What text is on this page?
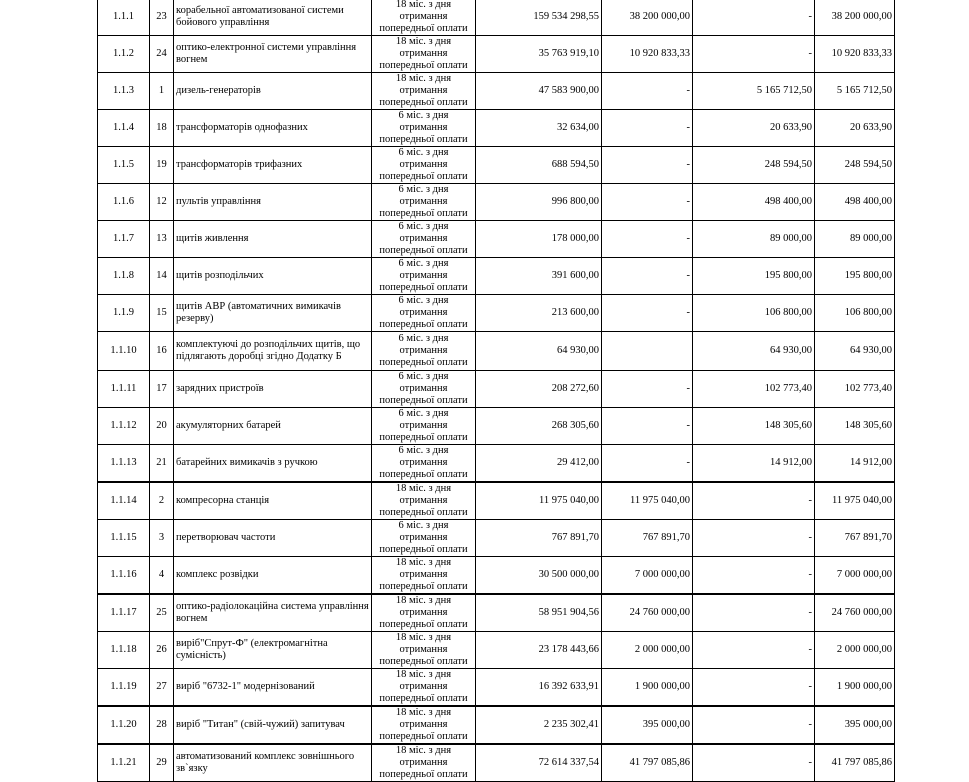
1.1.1	23	корабельної автоматизованої системи бойового управління	18 міс. з дня отримання попередньої оплати	159 534 298,55	38 200 000,00	-	38 200 000,00
1.1.2	24	оптико-електронної системи управління вогнем	18 міс. з дня отримання попередньої оплати	35 763 919,10	10 920 833,33	-	10 920 833,33
1.1.3	1	дизель-генераторів	18 міс. з дня отримання попередньої оплати	47 583 900,00	-	5 165 712,50	5 165 712,50
1.1.4	18	трансформаторів однофазних	6 міс. з дня отримання попередньої оплати	32 634,00	-	20 633,90	20 633,90
1.1.5	19	трансформаторів трифазних	6 міс. з дня отримання попередньої оплати	688 594,50	-	248 594,50	248 594,50
1.1.6	12	пультів управління	6 міс. з дня отримання попередньої оплати	996 800,00	-	498 400,00	498 400,00
1.1.7	13	щитів живлення	6 міс. з дня отримання попередньої оплати	178 000,00	-	89 000,00	89 000,00
1.1.8	14	щитів розподільчих	6 міс. з дня отримання попередньої оплати	391 600,00	-	195 800,00	195 800,00
1.1.9	15	щитів АВР (автоматичних вимикачів резерву)	6 міс. з дня отримання попередньої оплати	213 600,00	-	106 800,00	106 800,00
1.1.10	16	комплектуючі до розподільчих щитів, що підлягають доробці згідно Додатку Б	6 міс. з дня отримання попередньої оплати	64 930,00		64 930,00	64 930,00
1.1.11	17	зарядних пристроїв	6 міс. з дня отримання попередньої оплати	208 272,60	-	102 773,40	102 773,40
1.1.12	20	акумуляторних батарей	6 міс. з дня отримання попередньої оплати	268 305,60	-	148 305,60	148 305,60
1.1.13	21	батарейних вимикачів з ручкою	6 міс. з дня отримання попередньої оплати	29 412,00	-	14 912,00	14 912,00
1.1.14	2	компресорна станція	18 міс. з дня отримання попередньої оплати	11 975 040,00	11 975 040,00	-	11 975 040,00
1.1.15	3	перетворювач частоти	6 міс. з дня отримання попередньої оплати	767 891,70	767 891,70	-	767 891,70
1.1.16	4	комплекс розвідки	18 міс. з дня отримання попередньої оплати	30 500 000,00	7 000 000,00	-	7 000 000,00
1.1.17	25	оптико-радіолокаційна система управління вогнем	18 міс. з дня отримання попередньої оплати	58 951 904,56	24 760 000,00	-	24 760 000,00
1.1.18	26	виріб"Спрут-Ф" (електромагнітна сумісність)	18 міс. з дня отримання попередньої оплати	23 178 443,66	2 000 000,00	-	2 000 000,00
1.1.19	27	виріб "6732-1" модернізований	18 міс. з дня отримання попередньої оплати	16 392 633,91	1 900 000,00	-	1 900 000,00
1.1.20	28	виріб "Титан" (свій-чужий) запитувач	18 міс. з дня отримання попередньої оплати	2 235 302,41	395 000,00	-	395 000,00
1.1.21	29	автоматизований комплекс зовнішнього зв`язку	18 міс. з дня отримання попередньої оплати	72 614 337,54	41 797 085,86	-	41 797 085,86
